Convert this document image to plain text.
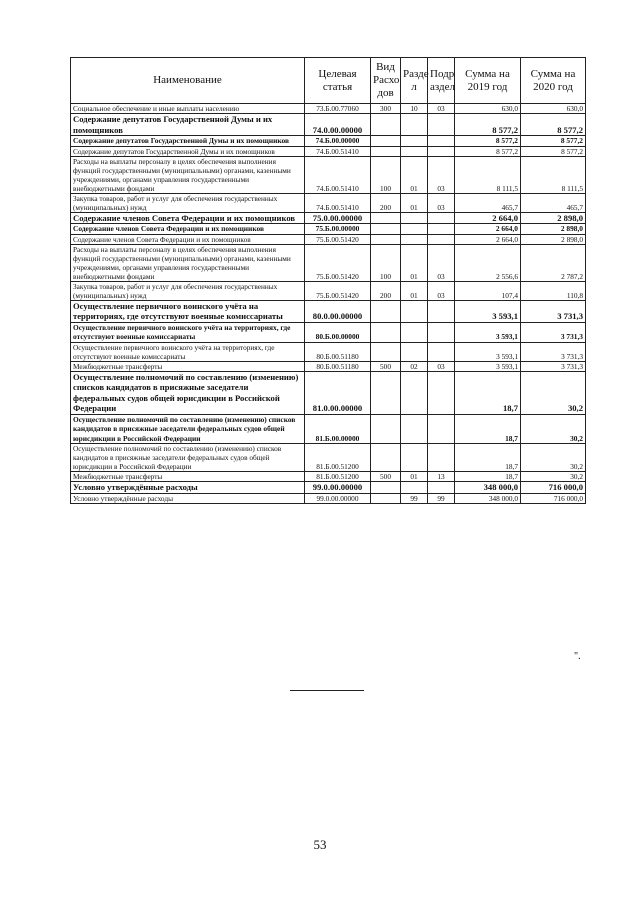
Наименование	Целевая статья	Вид Расхо дов	Разде л	Подр аздел	Сумма на 2019 год	Сумма на 2020 год
Социальное обеспечение и иные выплаты населению	73.Б.00.77060	300	10	03	630,0	630,0
Содержание депутатов Государственной Думы и их помощников	74.0.00.00000				8 577,2	8 577,2
Содержание депутатов Государственной Думы и их помощников	74.Б.00.00000				8 577,2	8 577,2
Содержание депутатов Государственной Думы и их помощников	74.Б.00.51410				8 577,2	8 577,2
Расходы на выплаты персоналу в целях обеспечения выполнения функций государственными (муниципальными) органами, казенными учреждениями, органами управления государственными внебюджетными фондами	74.Б.00.51410	100	01	03	8 111,5	8 111,5
Закупка товаров, работ и услуг для обеспечения государственных (муниципальных) нужд	74.Б.00.51410	200	01	03	465,7	465,7
Содержание членов Совета Федерации и их помощников	75.0.00.00000				2 664,0	2 898,0
Содержание членов Совета Федерации и их помощников	75.Б.00.00000				2 664,0	2 898,0
Содержание членов Совета Федерации и их помощников	75.Б.00.51420				2 664,0	2 898,0
Расходы на выплаты персоналу в целях обеспечения выполнения функций государственными (муниципальными) органами, казенными учреждениями, органами управления государственными внебюджетными фондами	75.Б.00.51420	100	01	03	2 556,6	2 787,2
Закупка товаров, работ и услуг для обеспечения государственных (муниципальных) нужд	75.Б.00.51420	200	01	03	107,4	110,8
Осуществление первичного воинского учёта на территориях, где отсутствуют военные комиссариаты	80.0.00.00000				3 593,1	3 731,3
Осуществление первичного воинского учёта на территориях, где отсутствуют военные комиссариаты	80.Б.00.00000				3 593,1	3 731,3
Осуществление первичного воинского учёта на территориях, где отсутствуют военные комиссариаты	80.Б.00.51180				3 593,1	3 731,3
Межбюджетные трансферты	80.Б.00.51180	500	02	03	3 593,1	3 731,3
Осуществление полномочий по составлению (изменению) списков кандидатов в присяжные заседатели федеральных судов общей юрисдикции в Российской Федерации	81.0.00.00000				18,7	30,2
Осуществление полномочий по составлению (изменению) списков кандидатов в присяжные заседатели федеральных судов общей юрисдикции в Российской Федерации	81.Б.00.00000				18,7	30,2
Осуществление полномочий по составлению (изменению) списков кандидатов в присяжные заседатели федеральных судов общей юрисдикции в Российской Федерации	81.Б.00.51200				18,7	30,2
Межбюджетные трансферты	81.Б.00.51200	500	01	13	18,7	30,2
Условно утверждённые расходы	99.0.00.00000				348 000,0	716 000,0
Условно утверждённые расходы	99.0.00.00000		99	99	348 000,0	716 000,0
".
53
